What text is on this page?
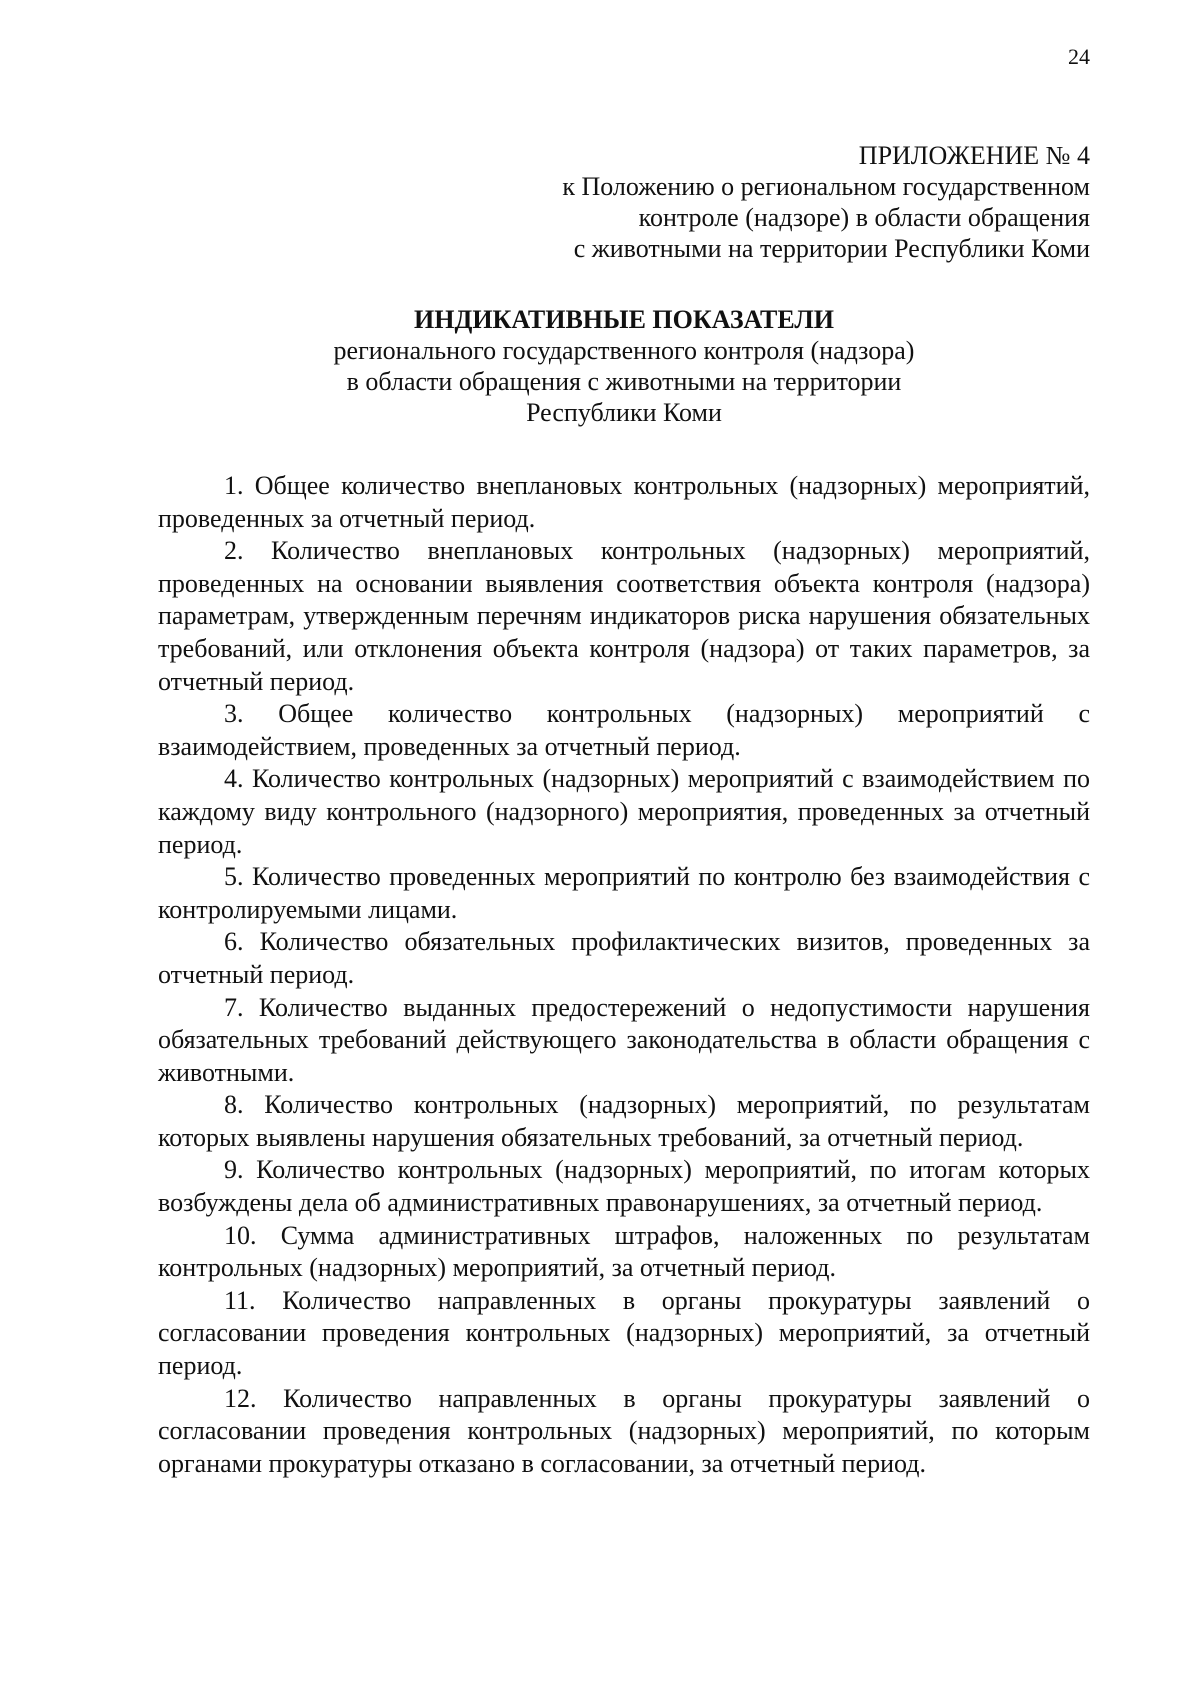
24
ПРИЛОЖЕНИЕ № 4
к Положению о региональном государственном
контроле (надзоре) в области обращения
с животными на территории Республики Коми
ИНДИКАТИВНЫЕ ПОКАЗАТЕЛИ
регионального государственного контроля (надзора)
в области обращения с животными на территории
Республики Коми

1. Общее количество внеплановых контрольных (надзорных) мероприятий, проведенных за отчетный период.

2. Количество внеплановых контрольных (надзорных) мероприятий, проведенных на основании выявления соответствия объекта контроля (надзора) параметрам, утвержденным перечням индикаторов риска нарушения обязательных требований, или отклонения объекта контроля (надзора) от таких параметров, за отчетный период.

3. Общее количество контрольных (надзорных) мероприятий с взаимодействием, проведенных за отчетный период.

4. Количество контрольных (надзорных) мероприятий с взаимодействием по каждому виду контрольного (надзорного) мероприятия, проведенных за отчетный период.

5. Количество проведенных мероприятий по контролю без взаимодействия с контролируемыми лицами.

6. Количество обязательных профилактических визитов, проведенных за отчетный период.

7. Количество выданных предостережений о недопустимости нарушения обязательных требований действующего законодательства в области обращения с животными.

8. Количество контрольных (надзорных) мероприятий, по результатам которых выявлены нарушения обязательных требований, за отчетный период.

9. Количество контрольных (надзорных) мероприятий, по итогам которых возбуждены дела об административных правонарушениях, за отчетный период.

10. Сумма административных штрафов, наложенных по результатам контрольных (надзорных) мероприятий, за отчетный период.

11. Количество направленных в органы прокуратуры заявлений о согласовании проведения контрольных (надзорных) мероприятий, за отчетный период.

12. Количество направленных в органы прокуратуры заявлений о согласовании проведения контрольных (надзорных) мероприятий, по которым органами прокуратуры отказано в согласовании, за отчетный период.
